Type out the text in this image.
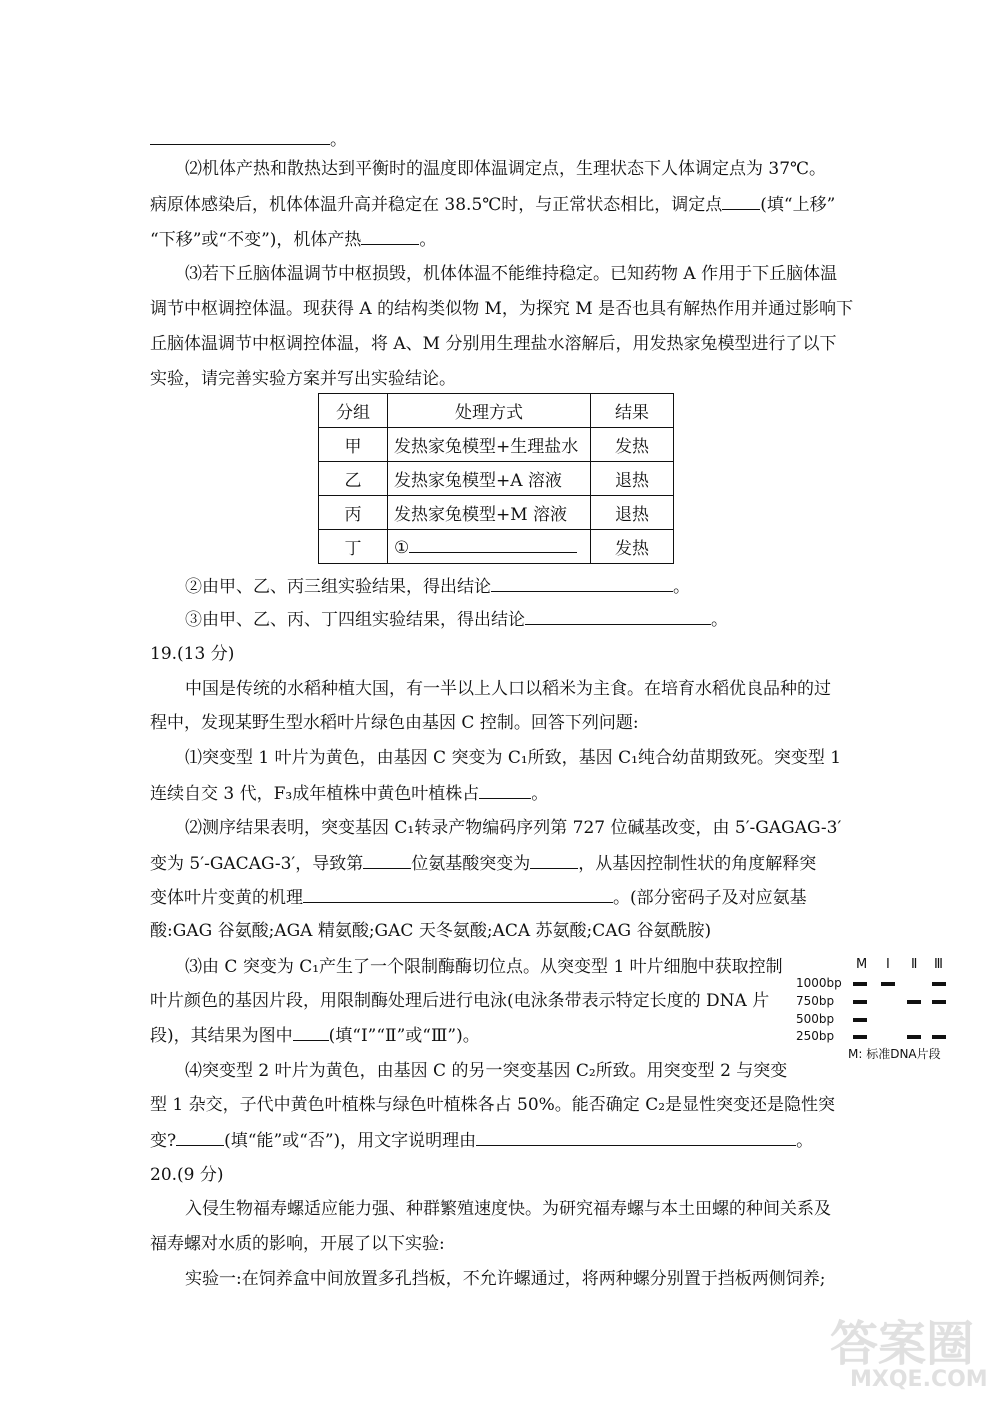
。
⑵机体产热和散热达到平衡时的温度即体温调定点，生理状态下人体调定点为 37℃。
病原体感染后，机体体温升高并稳定在 38.5℃时，与正常状态相比，调定点 (填“上移”
“下移”或“不变”)，机体产热	。
⑶若下丘脑体温调节中枢损毁，机体体温不能维持稳定。已知药物 A 作用于下丘脑体温
调节中枢调控体温。现获得 A 的结构类似物 M，为探究 M 是否也具有解热作用并通过影响下
丘脑体温调节中枢调控体温，将 A、M 分别用生理盐水溶解后，用发热家兔模型进行了以下
实验，请完善实验方案并写出实验结论。
分组	处理方式	结果
甲	发热家兔模型+生理盐水	发热
乙	发热家兔模型+A 溶液	退热
丙	发热家兔模型+M 溶液	退热
丁	①	发热
②由甲、乙、丙三组实验结果，得出结论	。
③由甲、乙、丙、丁四组实验结果，得出结论	。
19.(13 分)
中国是传统的水稻种植大国，有一半以上人口以稻米为主食。在培育水稻优良品种的过
程中，发现某野生型水稻叶片绿色由基因 C 控制。回答下列问题:
⑴突变型 1 叶片为黄色，由基因 C 突变为 C₁所致，基因 C₁纯合幼苗期致死。突变型 1
连续自交 3 代，F₃成年植株中黄色叶植株占	。
⑵测序结果表明，突变基因 C₁转录产物编码序列第 727 位碱基改变，由 5′-GAGAG-3′
变为 5′-GACAG-3′，导致第	位氨基酸突变为	，从基因控制性状的角度解释突
变体叶片变黄的机理	。(部分密码子及对应氨基
酸:GAG 谷氨酸;AGA 精氨酸;GAC 天冬氨酸;ACA 苏氨酸;CAG 谷氨酰胺)
⑶由 C 突变为 C₁产生了一个限制酶酶切位点。从突变型 1 叶片细胞中获取控制
叶片颜色的基因片段，用限制酶处理后进行电泳(电泳条带表示特定长度的 DNA 片
段)，其结果为图中 (填“Ⅰ”“Ⅱ”或“Ⅲ”)。
M Ⅰ Ⅱ Ⅲ
1000bp
750bp
500bp
250bp
M: 标准DNA片段
⑷突变型 2 叶片为黄色，由基因 C 的另一突变基因 C₂所致。用突变型 2 与突变
型 1 杂交，子代中黄色叶植株与绿色叶植株各占 50%。能否确定 C₂是显性突变还是隐性突
变?	(填“能”或“否”)，用文字说明理由	。
20.(9 分)
入侵生物福寿螺适应能力强、种群繁殖速度快。为研究福寿螺与本土田螺的种间关系及
福寿螺对水质的影响，开展了以下实验:
实验一:在饲养盒中间放置多孔挡板，不允许螺通过，将两种螺分别置于挡板两侧饲养;
答案圈
MXQE.COM
